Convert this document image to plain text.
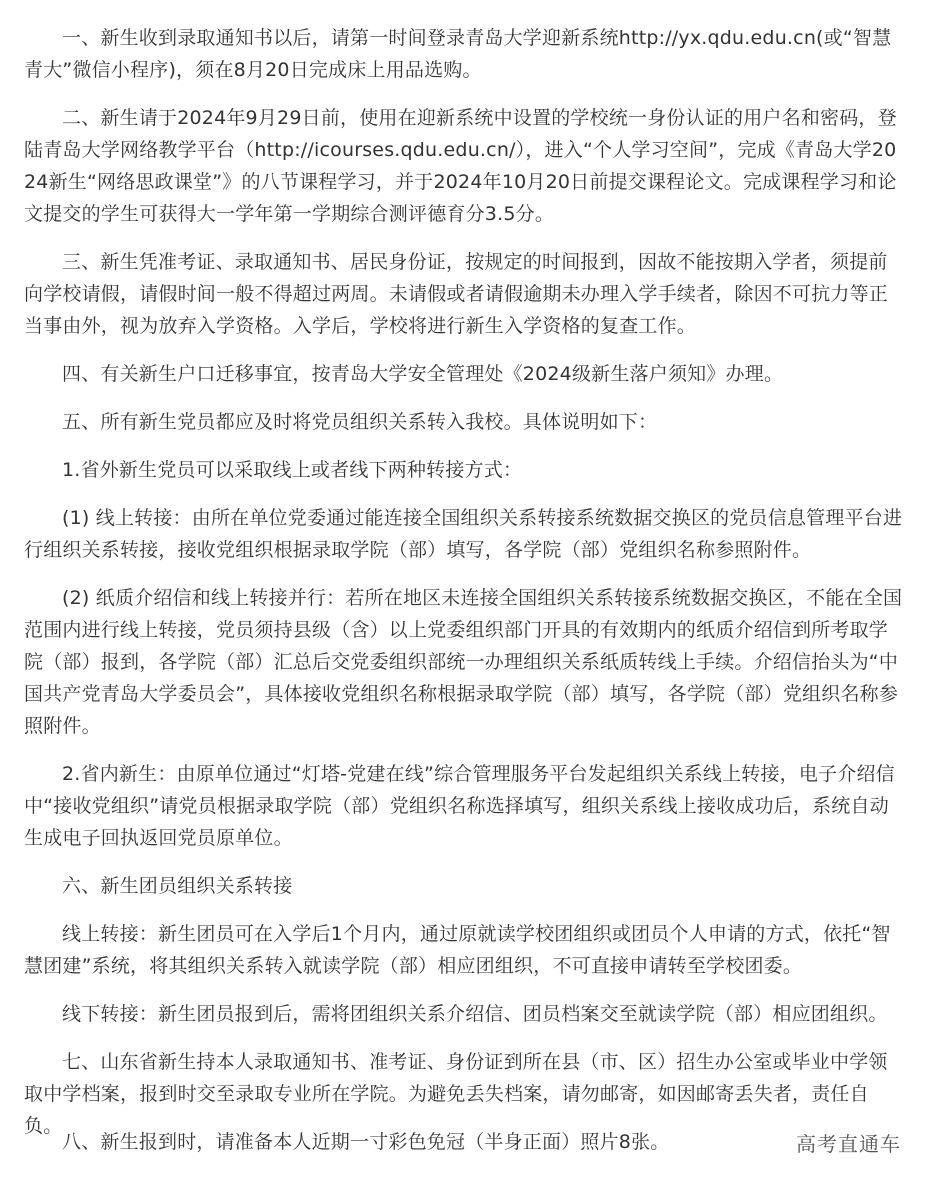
一、新生收到录取通知书以后，请第一时间登录青岛大学迎新系统http://yx.qdu.edu.cn(或“智慧青大”微信小程序)，须在8月20日完成床上用品选购。

二、新生请于2024年9月29日前，使用在迎新系统中设置的学校统一身份认证的用户名和密码，登陆青岛大学网络教学平台（http://icourses.qdu.edu.cn/），进入“个人学习空间”，完成《青岛大学2024新生“网络思政课堂”》的八节课程学习，并于2024年10月20日前提交课程论文。完成课程学习和论文提交的学生可获得大一学年第一学期综合测评德育分3.5分。

三、新生凭准考证、录取通知书、居民身份证，按规定的时间报到，因故不能按期入学者，须提前向学校请假，请假时间一般不得超过两周。未请假或者请假逾期未办理入学手续者，除因不可抗力等正当事由外，视为放弃入学资格。入学后，学校将进行新生入学资格的复查工作。

四、有关新生户口迁移事宜，按青岛大学安全管理处《2024级新生落户须知》办理。

五、所有新生党员都应及时将党员组织关系转入我校。具体说明如下：

1.省外新生党员可以采取线上或者线下两种转接方式：

(1) 线上转接：由所在单位党委通过能连接全国组织关系转接系统数据交换区的党员信息管理平台进行组织关系转接，接收党组织根据录取学院（部）填写，各学院（部）党组织名称参照附件。

(2) 纸质介绍信和线上转接并行：若所在地区未连接全国组织关系转接系统数据交换区，不能在全国范围内进行线上转接，党员须持县级（含）以上党委组织部门开具的有效期内的纸质介绍信到所考取学院（部）报到，各学院（部）汇总后交党委组织部统一办理组织关系纸质转线上手续。介绍信抬头为“中国共产党青岛大学委员会”，具体接收党组织名称根据录取学院（部）填写，各学院（部）党组织名称参照附件。

2.省内新生：由原单位通过“灯塔-党建在线”综合管理服务平台发起组织关系线上转接，电子介绍信中“接收党组织”请党员根据录取学院（部）党组织名称选择填写，组织关系线上接收成功后，系统自动生成电子回执返回党员原单位。

六、新生团员组织关系转接

线上转接：新生团员可在入学后1个月内，通过原就读学校团组织或团员个人申请的方式，依托“智慧团建”系统，将其组织关系转入就读学院（部）相应团组织，不可直接申请转至学校团委。

线下转接：新生团员报到后，需将团组织关系介绍信、团员档案交至就读学院（部）相应团组织。

七、山东省新生持本人录取通知书、准考证、身份证到所在县（市、区）招生办公室或毕业中学领取中学档案，报到时交至录取专业所在学院。为避免丢失档案，请勿邮寄，如因邮寄丢失者，责任自负。

八、新生报到时，请准备本人近期一寸彩色免冠（半身正面）照片8张。	高考直通车
